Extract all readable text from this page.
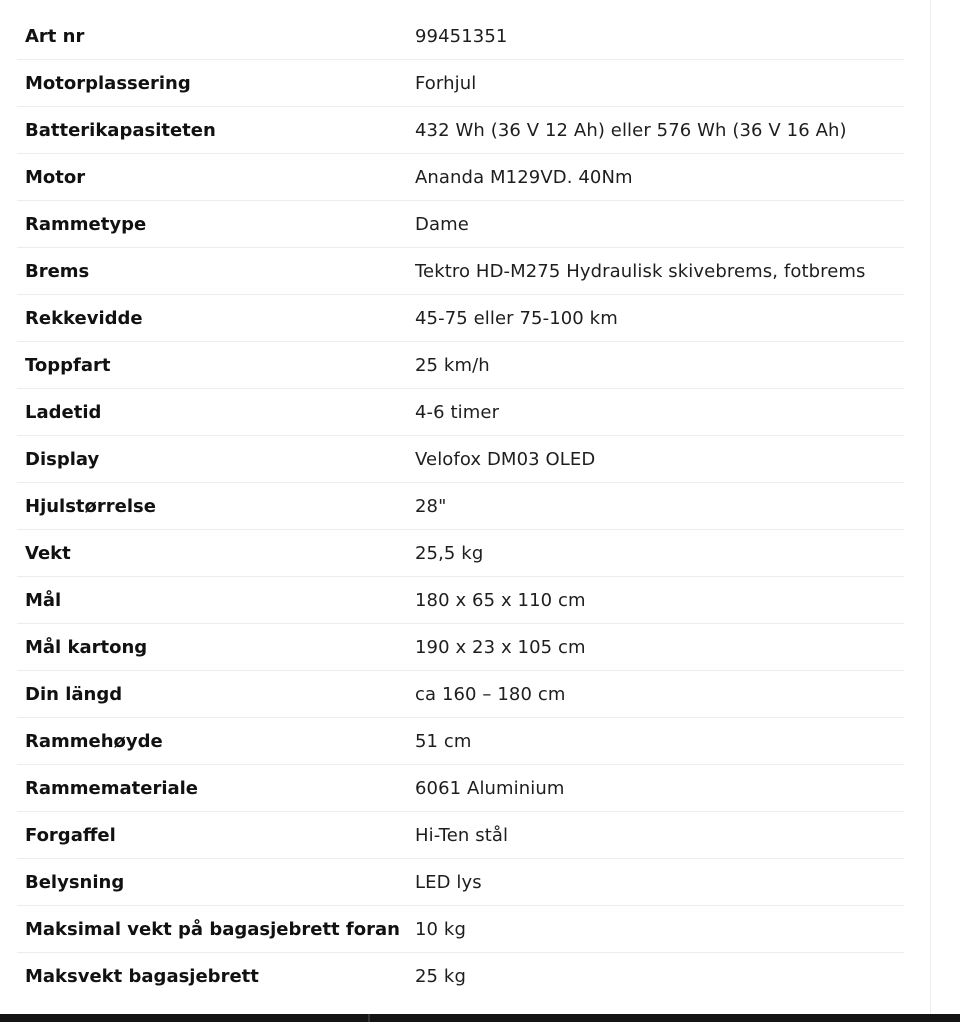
Art nr	99451351
Motorplassering	Forhjul
Batterikapasiteten	432 Wh (36 V 12 Ah) eller 576 Wh (36 V 16 Ah)
Motor	Ananda M129VD. 40Nm
Rammetype	Dame
Brems	Tektro HD-M275 Hydraulisk skivebrems, fotbrems
Rekkevidde	45-75 eller 75-100 km
Toppfart	25 km/h
Ladetid	4-6 timer
Display	Velofox DM03 OLED
Hjulstørrelse	28"
Vekt	25,5 kg
Mål	180 x 65 x 110 cm
Mål kartong	190 x 23 x 105 cm
Din längd	ca 160 – 180 cm
Rammehøyde	51 cm
Rammemateriale	6061 Aluminium
Forgaffel	Hi-Ten stål
Belysning	LED lys
Maksimal vekt på bagasjebrett foran	10 kg
Maksvekt bagasjebrett	25 kg
